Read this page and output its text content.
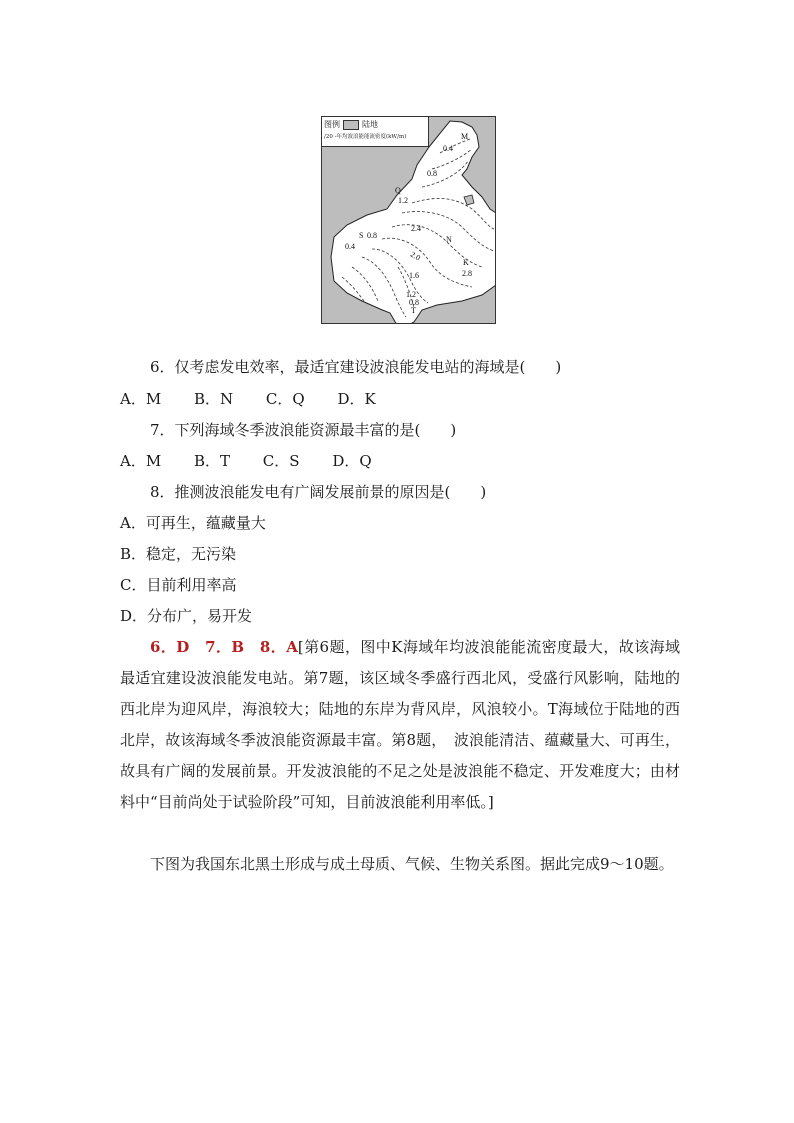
M
0.4
0.8
Q
1.2
2.4
N
S 0.8
0.4
2.0
K
2.8
1.6
1.2
0.8
T
图例	陆地
∕20 -年均波浪能能流密度(kW/m)
6．仅考虑发电效率，最适宜建设波浪能发电站的海域是(　　)
A．M B．N C．Q D．K
7．下列海域冬季波浪能资源最丰富的是(　　)
A．M B．T C．S D．Q
8．推测波浪能发电有广阔发展前景的原因是(　　)
A．可再生，蕴藏量大
B．稳定，无污染
C．目前利用率高
D．分布广，易开发
6．D　7．B　8．A[第6题，图中K海域年均波浪能能流密度最大，故该海域最适宜建设波浪能发电站。第7题，该区域冬季盛行西北风，受盛行风影响，陆地的西北岸为迎风岸，海浪较大；陆地的东岸为背风岸，风浪较小。T海域位于陆地的西北岸，故该海域冬季波浪能资源最丰富。第8题，　波浪能清洁、蕴藏量大、可再生，故具有广阔的发展前景。开发波浪能的不足之处是波浪能不稳定、开发难度大；由材料中“目前尚处于试验阶段”可知，目前波浪能利用率低。]
下图为我国东北黑土形成与成土母质、气候、生物关系图。据此完成9～10题。
